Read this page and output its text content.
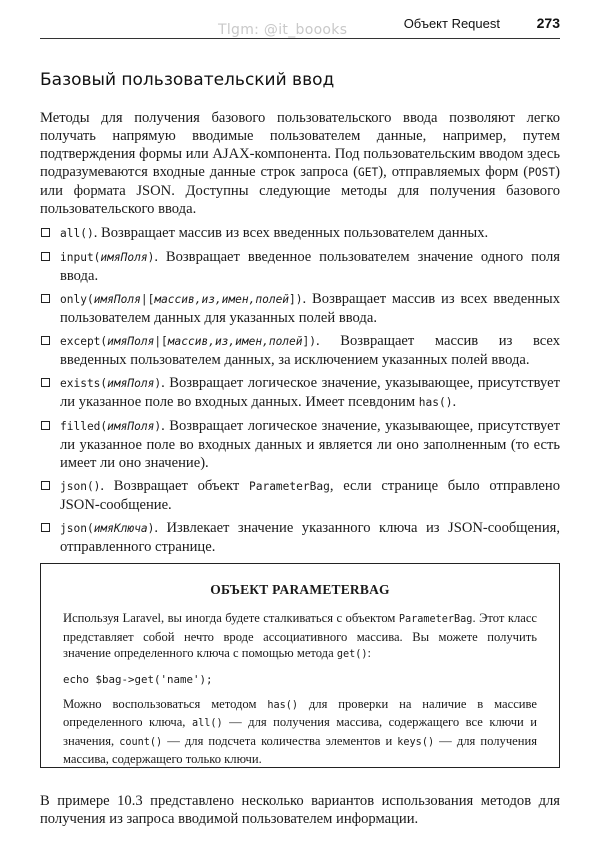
Tlgm: @it_boooks	Объект Request	273
Базовый пользовательский ввод

Методы для получения базового пользовательского ввода позволяют легко получать напрямую вводимые пользователем данные, например, путем подтверждения формы или AJAX-компонента. Под пользовательским вводом здесь подразумеваются входные данные строк запроса (GET), отправляемых форм (POST) или формата JSON. Доступны следующие методы для получения базового пользовательского ввода.

all(). Возвращает массив из всех введенных пользователем данных.
input(имяПоля). Возвращает введенное пользователем значение одного поля ввода.
only(имяПоля|[массив,из,имен,полей]). Возвращает массив из всех введенных пользователем данных для указанных полей ввода.
except(имяПоля|[массив,из,имен,полей]). Возвращает массив из всех введенных пользователем данных, за исключением указанных полей ввода.
exists(имяПоля). Возвращает логическое значение, указывающее, присутствует ли указанное поле во входных данных. Имеет псевдоним has().
filled(имяПоля). Возвращает логическое значение, указывающее, присутствует ли указанное поле во входных данных и является ли оно заполненным (то есть имеет ли оно значение).
json(). Возвращает объект ParameterBag, если странице было отправлено JSON-сообщение.
json(имяКлюча). Извлекает значение указанного ключа из JSON-сообщения, отправленного странице.
ОБЪЕКТ PARAMETERBAG

Используя Laravel, вы иногда будете сталкиваться с объектом ParameterBag. Этот класс представляет собой нечто вроде ассоциативного массива. Вы можете получить значение определенного ключа с помощью метода get():

echo $bag->get('name');

Можно воспользоваться методом has() для проверки на наличие в массиве определенного ключа, all() — для получения массива, содержащего все ключи и значения, count() — для подсчета количества элементов и keys() — для получения массива, содержащего только ключи.

В примере 10.3 представлено несколько вариантов использования методов для получения из запроса вводимой пользователем информации.
